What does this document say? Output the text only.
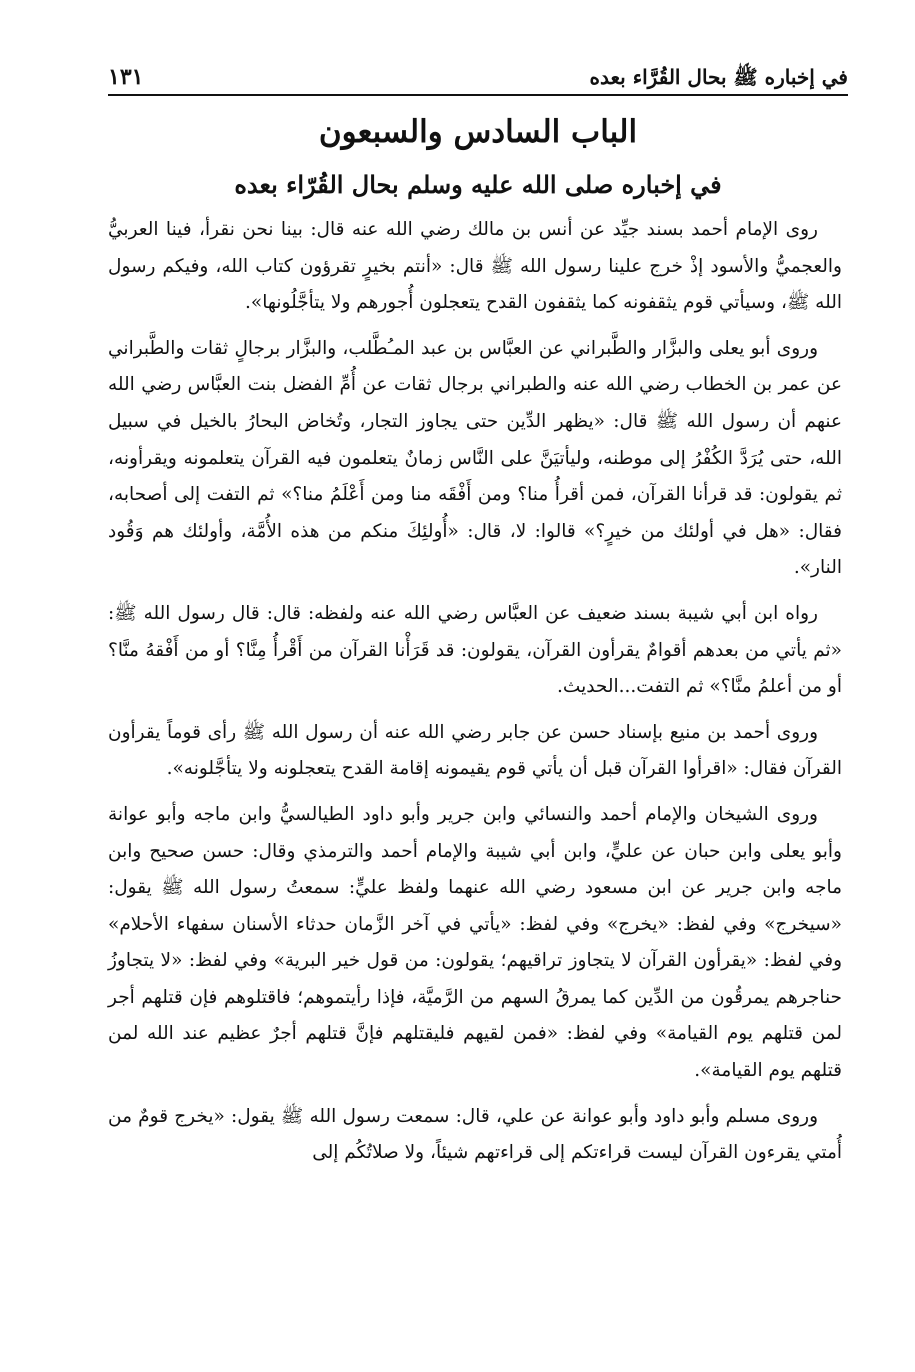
في إخباره ﷺ بحال القُرَّاء بعده
١٣١
الباب السادس والسبعون
في إخباره صلى الله عليه وسلم بحال القُرّاء بعده

روى الإمام أحمد بسند جيِّد عن أنس بن مالك رضي الله عنه قال: بينا نحن نقرأ، فينا العربيُّ والعجميُّ والأسود إذْ خرج علينا رسول الله ﷺ قال: «أنتم بخيرٍ تقرؤون كتاب الله، وفيكم رسول الله ﷺ، وسيأتي قوم يثقفونه كما يثقفون القدح يتعجلون أُجورهم ولا يتأجَّلُونها».

وروى أبو يعلى والبزَّار والطَّبراني عن العبَّاس بن عبد المـُطَّلب، والبزَّار برجالٍ ثقات والطَّبراني عن عمر بن الخطاب رضي الله عنه والطبراني برجال ثقات عن أُمِّ الفضل بنت العبَّاس رضي الله عنهم أن رسول الله ﷺ قال: «يظهر الدِّين حتى يجاوز التجار، وتُخاض البحارُ بالخيل في سبيل الله، حتى يُرَدَّ الكُفْرُ إلى موطنه، وليأتيَنَّ على النَّاس زمانٌ يتعلمون فيه القرآن يتعلمونه ويقرأونه، ثم يقولون: قد قرأنا القرآن، فمن أقرأُ منا؟ ومن أَفْقَه منا ومن أَعْلَمُ منا؟» ثم التفت إلى أصحابه، فقال: «هل في أولئك من خيرٍ؟» قالوا: لا، قال: «أُولئِكَ منكم من هذه الأُمَّة، وأولئك هم وَقُود النار».

رواه ابن أبي شيبة بسند ضعيف عن العبَّاس رضي الله عنه ولفظه: قال: قال رسول الله ﷺ: «ثم يأتي من بعدهم أقوامٌ يقرأون القرآن، يقولون: قد قَرَأْنا القرآن من أَقْرأُ مِنَّا؟ أو من أَفْقهُ منَّا؟ أو من أعلمُ منَّا؟» ثم التفت...الحديث.

وروى أحمد بن منيع بإسناد حسن عن جابر رضي الله عنه أن رسول الله ﷺ رأى قوماً يقرأون القرآن فقال: «اقرأوا القرآن قبل أن يأتي قوم يقيمونه إقامة القدح يتعجلونه ولا يتأجَّلونه».

وروى الشيخان والإمام أحمد والنسائي وابن جرير وأبو داود الطيالسيُّ وابن ماجه وأبو عوانة وأبو يعلى وابن حبان عن عليٍّ، وابن أبي شيبة والإمام أحمد والترمذي وقال: حسن صحيح وابن ماجه وابن جرير عن ابن مسعود رضي الله عنهما ولفظ عليٍّ: سمعتُ رسول الله ﷺ يقول: «سيخرج» وفي لفظ: «يخرج» وفي لفظ: «يأتي في آخر الزَّمان حدثاء الأسنان سفهاء الأحلام» وفي لفظ: «يقرأون القرآن لا يتجاوز تراقيهم؛ يقولون: من قول خير البرية» وفي لفظ: «لا يتجاوزُ حناجرهم يمرقُون من الدِّين كما يمرقُ السهم من الرَّميَّة، فإذا رأيتموهم؛ فاقتلوهم فإن قتلهم أجر لمن قتلهم يوم القيامة» وفي لفظ: «فمن لقيهم فليقتلهم فإنَّ قتلهم أجرٌ عظيم عند الله لمن قتلهم يوم القيامة».

وروى مسلم وأبو داود وأبو عوانة عن علي، قال: سمعت رسول الله ﷺ يقول: «يخرج قومٌ من أُمتي يقرءون القرآن ليست قراءتكم إلى قراءتهم شيئاً، ولا صلاتُكُم إلى
